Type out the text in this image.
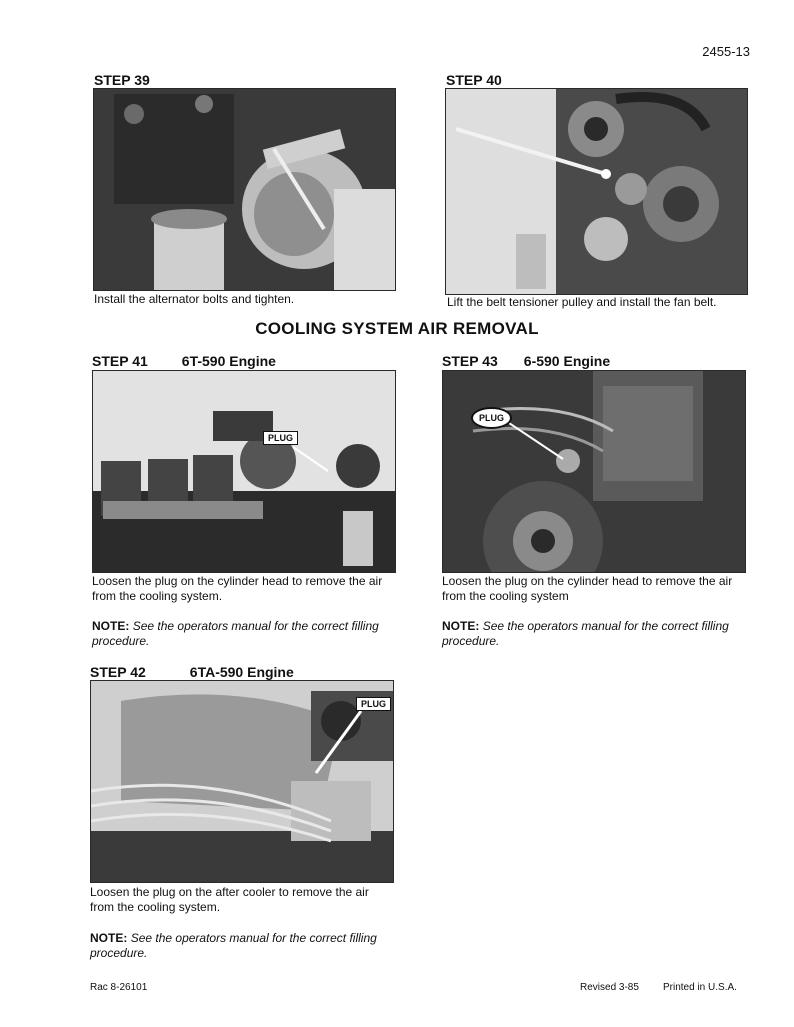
2455-13
STEP 39
Install the alternator bolts and tighten.
STEP 40
Lift the belt tensioner pulley and install the fan belt.
COOLING SYSTEM AIR REMOVAL
STEP 41 6T-590 Engine
PLUG
Loosen the plug on the cylinder head to remove the air from the cooling system.
NOTE: See the operators manual for the correct filling procedure.
STEP 43 6-590 Engine
PLUG
Loosen the plug on the cylinder head to remove the air from the cooling system
NOTE: See the operators manual for the correct filling procedure.
STEP 42	6TA-590 Engine
PLUG
Loosen the plug on the after cooler to remove the air from the cooling system.
NOTE: See the operators manual for the correct filling procedure.
Rac 8-26101	Revised 3-85 Printed in U.S.A.
